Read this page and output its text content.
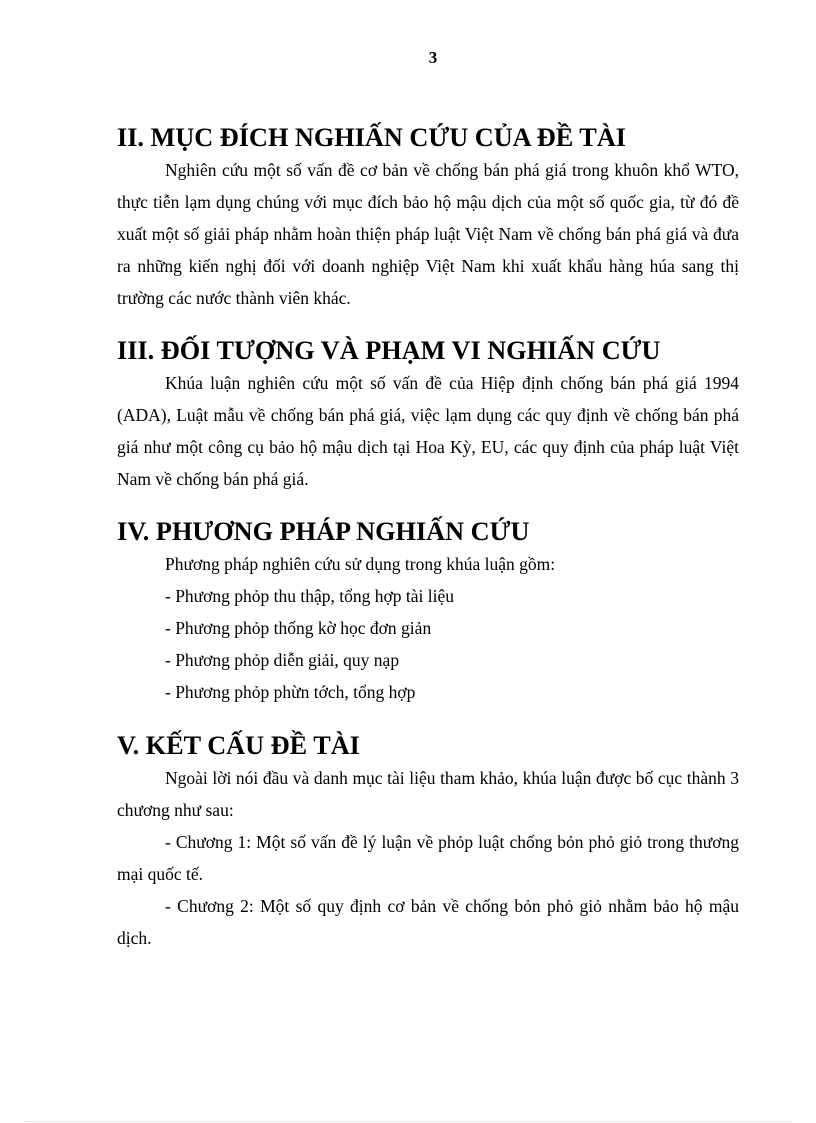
3
II. MỤC ĐÍCH NGHIẤN CỨU CỦA ĐỀ TÀI

Nghiên cứu một số vấn đề cơ bản về chống bán phá giá trong khuôn khổ WTO, thực tiễn lạm dụng chúng với mục đích bảo hộ mậu dịch của một số quốc gia, từ đó đề xuất một số giải pháp nhằm hoàn thiện pháp luật Việt Nam về chống bán phá giá và đưa ra những kiến nghị đối với doanh nghiệp Việt Nam khi xuất khẩu hàng húa sang thị trường các nước thành viên khác.

III. ĐỐI TƯỢNG VÀ PHẠM VI NGHIẤN CỨU

Khúa luận nghiên cứu một số vấn đề của Hiệp định chống bán phá giá 1994 (ADA), Luật mẫu về chống bán phá giá, việc lạm dụng các quy định về chống bán phá giá như một công cụ bảo hộ mậu dịch tại Hoa Kỳ, EU, các quy định của pháp luật Việt Nam về chống bán phá giá.

IV. PHƯƠNG PHÁP NGHIẤN CỨU

Phương pháp nghiên cứu sử dụng trong khúa luận gồm:

- Phương phỏp thu thập, tổng hợp tài liệu

- Phương phỏp thống kờ học đơn giản

- Phương phỏp diễn giải, quy nạp

- Phương phỏp phừn tớch, tổng hợp

V. KẾT CẤU ĐỀ TÀI

Ngoài lời nói đầu và danh mục tài liệu tham khảo, khúa luận được bố cục thành 3 chương như sau:

- Chương 1: Một số vấn đề lý luận về phỏp luật chống bỏn phỏ giỏ trong thương mại quốc tế.

- Chương 2: Một số quy định cơ bản về chống bỏn phỏ giỏ nhằm bảo hộ mậu dịch.
